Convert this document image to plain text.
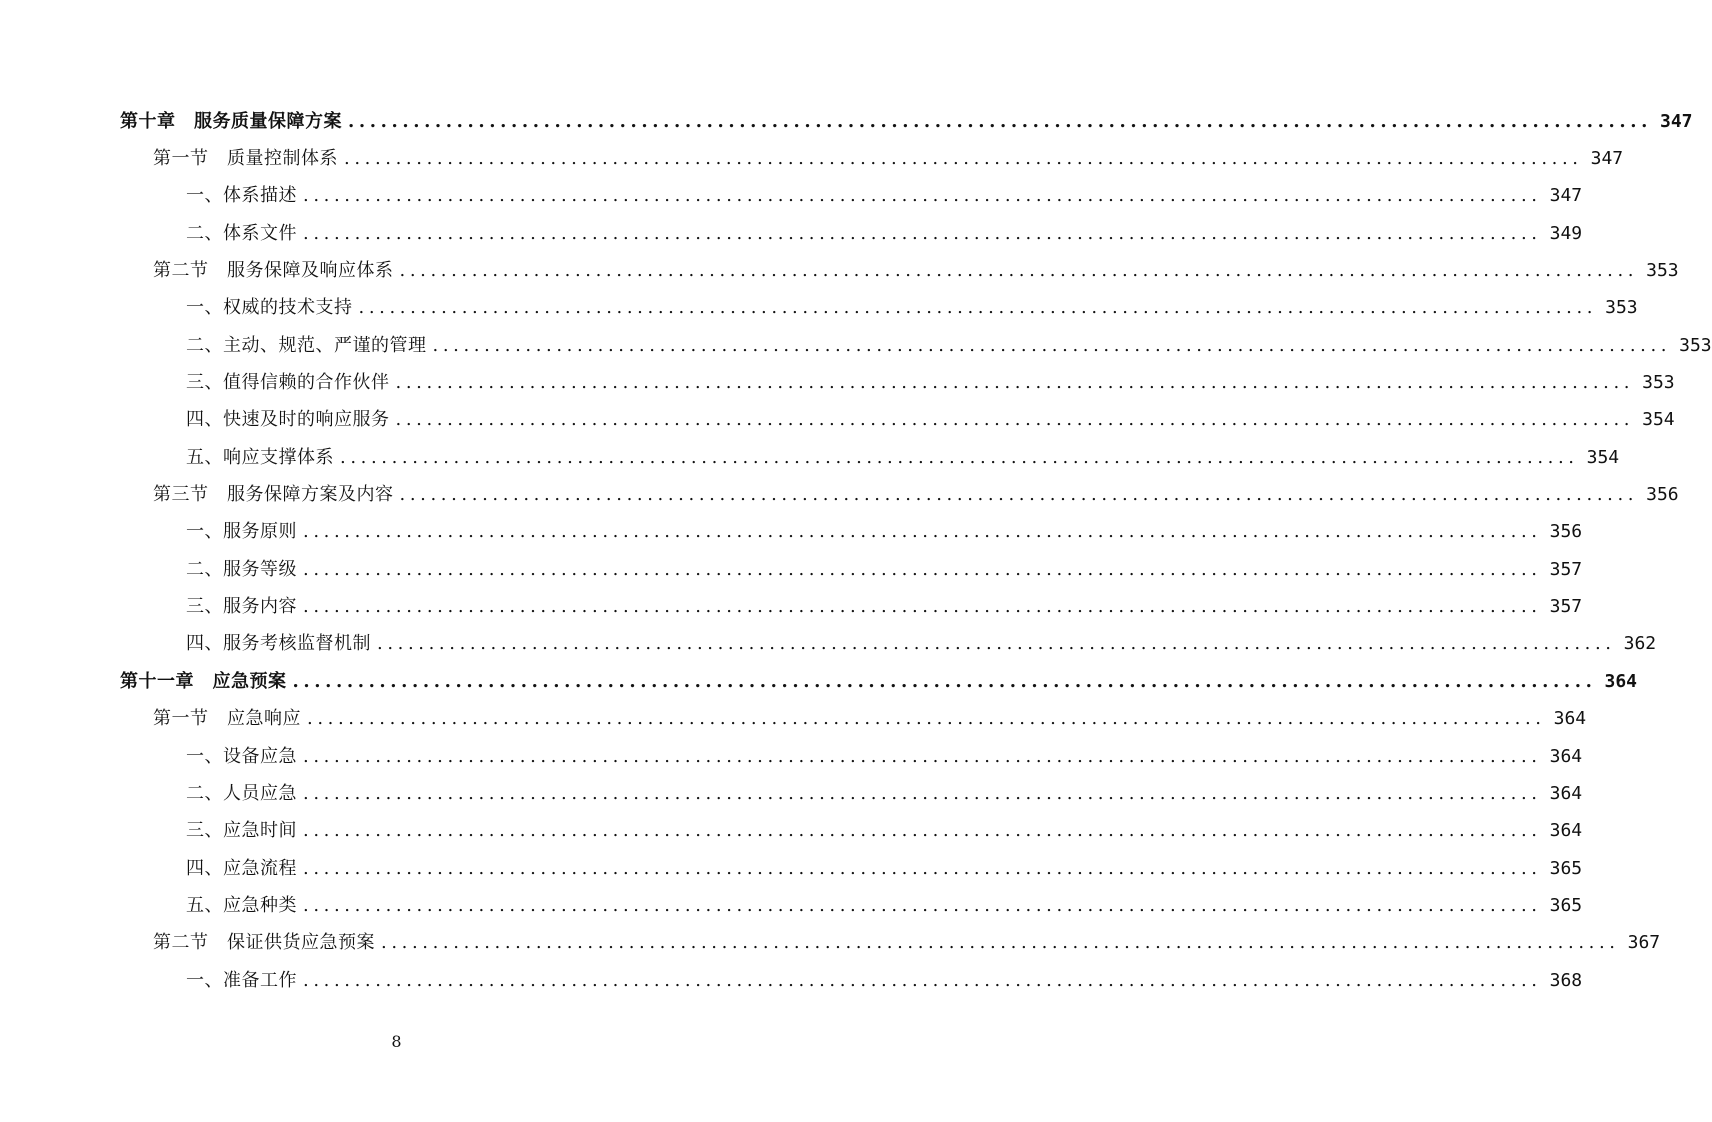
第十章　服务质量保障方案 ........................................................................................................................ 347
第一节　质量控制体系 ........................................................................................................................ 347
一、体系描述 ........................................................................................................................ 347
二、体系文件 ........................................................................................................................ 349
第二节　服务保障及响应体系 ........................................................................................................................ 353
一、权威的技术支持 ........................................................................................................................ 353
二、主动、规范、严谨的管理 ........................................................................................................................ 353
三、值得信赖的合作伙伴 ........................................................................................................................ 353
四、快速及时的响应服务 ........................................................................................................................ 354
五、响应支撑体系 ........................................................................................................................ 354
第三节　服务保障方案及内容 ........................................................................................................................ 356
一、服务原则 ........................................................................................................................ 356
二、服务等级 ........................................................................................................................ 357
三、服务内容 ........................................................................................................................ 357
四、服务考核监督机制 ........................................................................................................................ 362
第十一章　应急预案 ........................................................................................................................ 364
第一节　应急响应 ........................................................................................................................ 364
一、设备应急 ........................................................................................................................ 364
二、人员应急 ........................................................................................................................ 364
三、应急时间 ........................................................................................................................ 364
四、应急流程 ........................................................................................................................ 365
五、应急种类 ........................................................................................................................ 365
第二节　保证供货应急预案 ........................................................................................................................ 367
一、准备工作 ........................................................................................................................ 368
8
